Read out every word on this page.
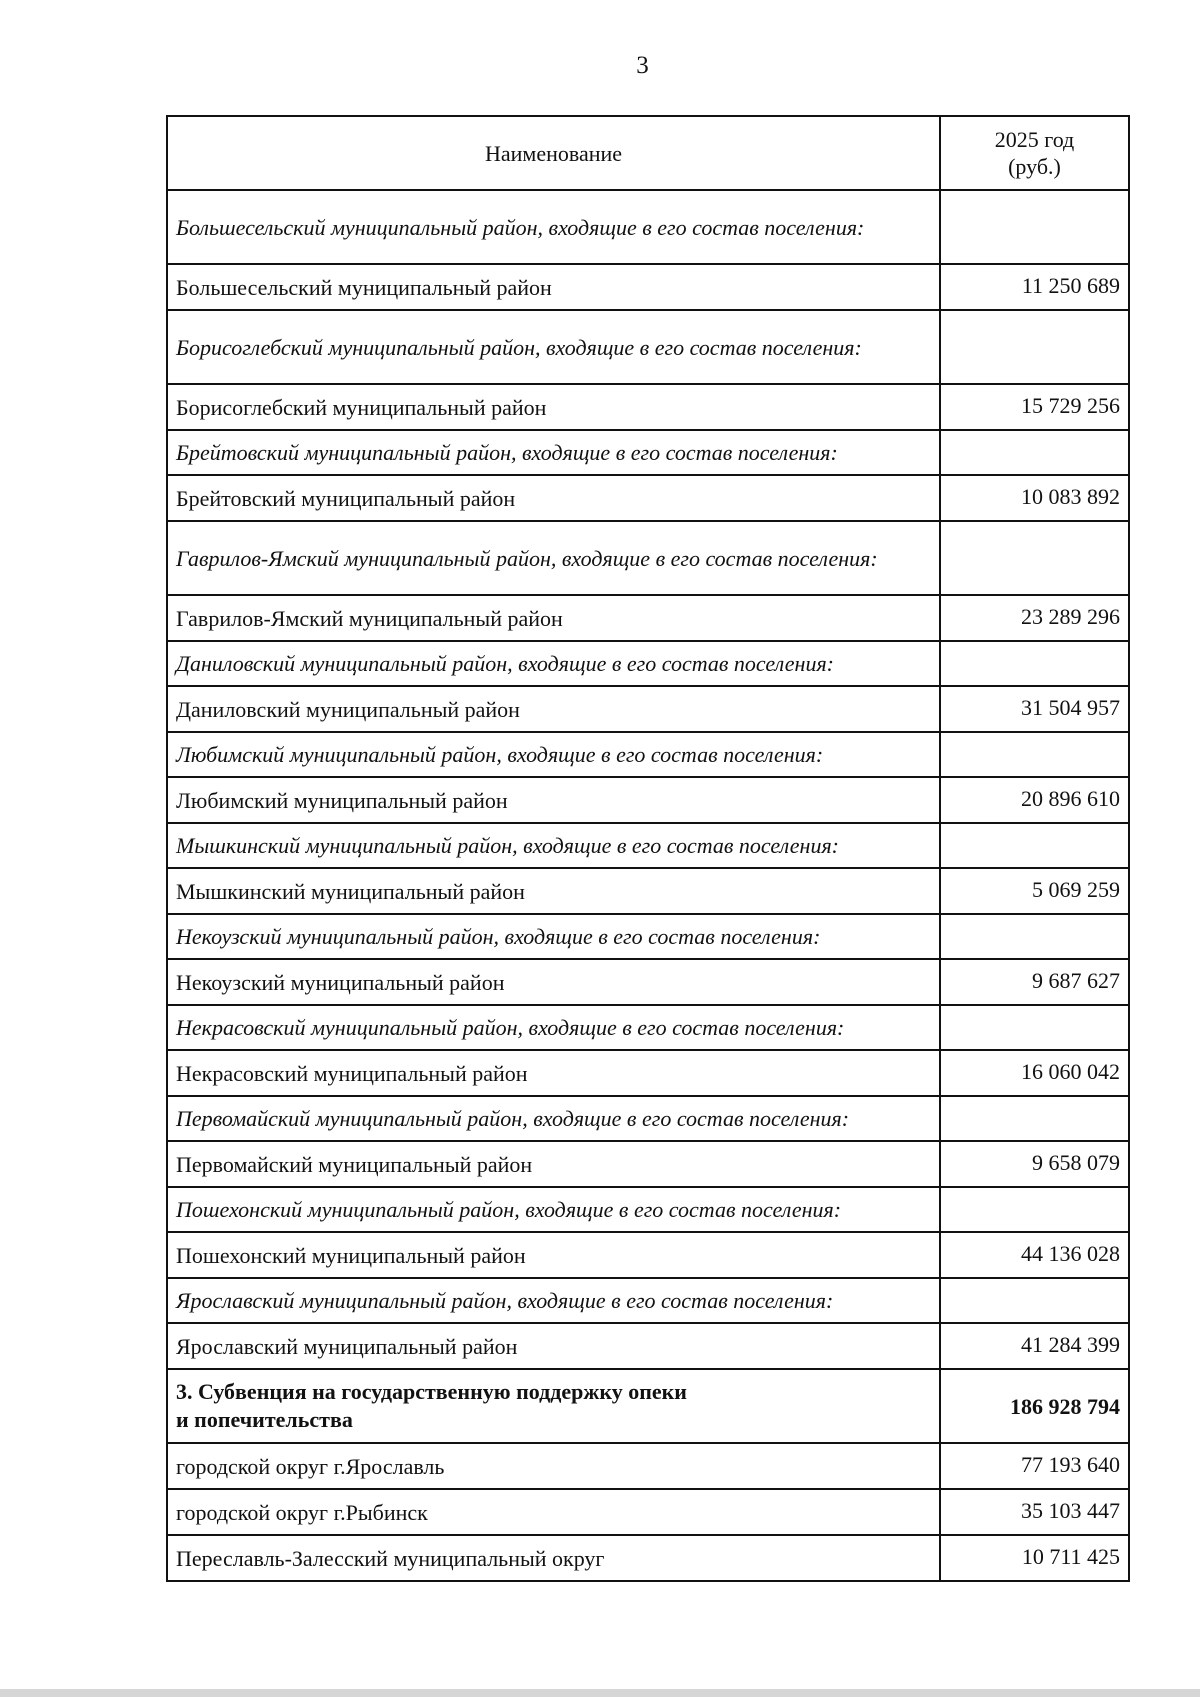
3
Наименование	2025 год
(руб.)

Большесельский муниципальный район, входящие в его состав поселения:	
Большесельский муниципальный район	11 250 689
Борисоглебский муниципальный район, входящие в его состав поселения:	
Борисоглебский муниципальный район	15 729 256
Брейтовский муниципальный район, входящие в его состав поселения:	
Брейтовский муниципальный район	10 083 892
Гаврилов-Ямский муниципальный район, входящие в его состав поселения:	
Гаврилов-Ямский муниципальный район	23 289 296
Даниловский муниципальный район, входящие в его состав поселения:	
Даниловский муниципальный район	31 504 957
Любимский муниципальный район, входящие в его состав поселения:	
Любимский муниципальный район	20 896 610
Мышкинский муниципальный район, входящие в его состав поселения:	
Мышкинский муниципальный район	5 069 259
Некоузский муниципальный район, входящие в его состав поселения:	
Некоузский муниципальный район	9 687 627
Некрасовский муниципальный район, входящие в его состав поселения:	
Некрасовский муниципальный район	16 060 042
Первомайский муниципальный район, входящие в его состав поселения:	
Первомайский муниципальный район	9 658 079
Пошехонский муниципальный район, входящие в его состав поселения:	
Пошехонский муниципальный район	44 136 028
Ярославский муниципальный район, входящие в его состав поселения:	
Ярославский муниципальный район	41 284 399
3. Субвенция на государственную поддержку опеки
и попечительства	186 928 794
городской округ г.Ярославль	77 193 640
городской округ г.Рыбинск	35 103 447
Переславль-Залесский муниципальный округ	10 711 425
